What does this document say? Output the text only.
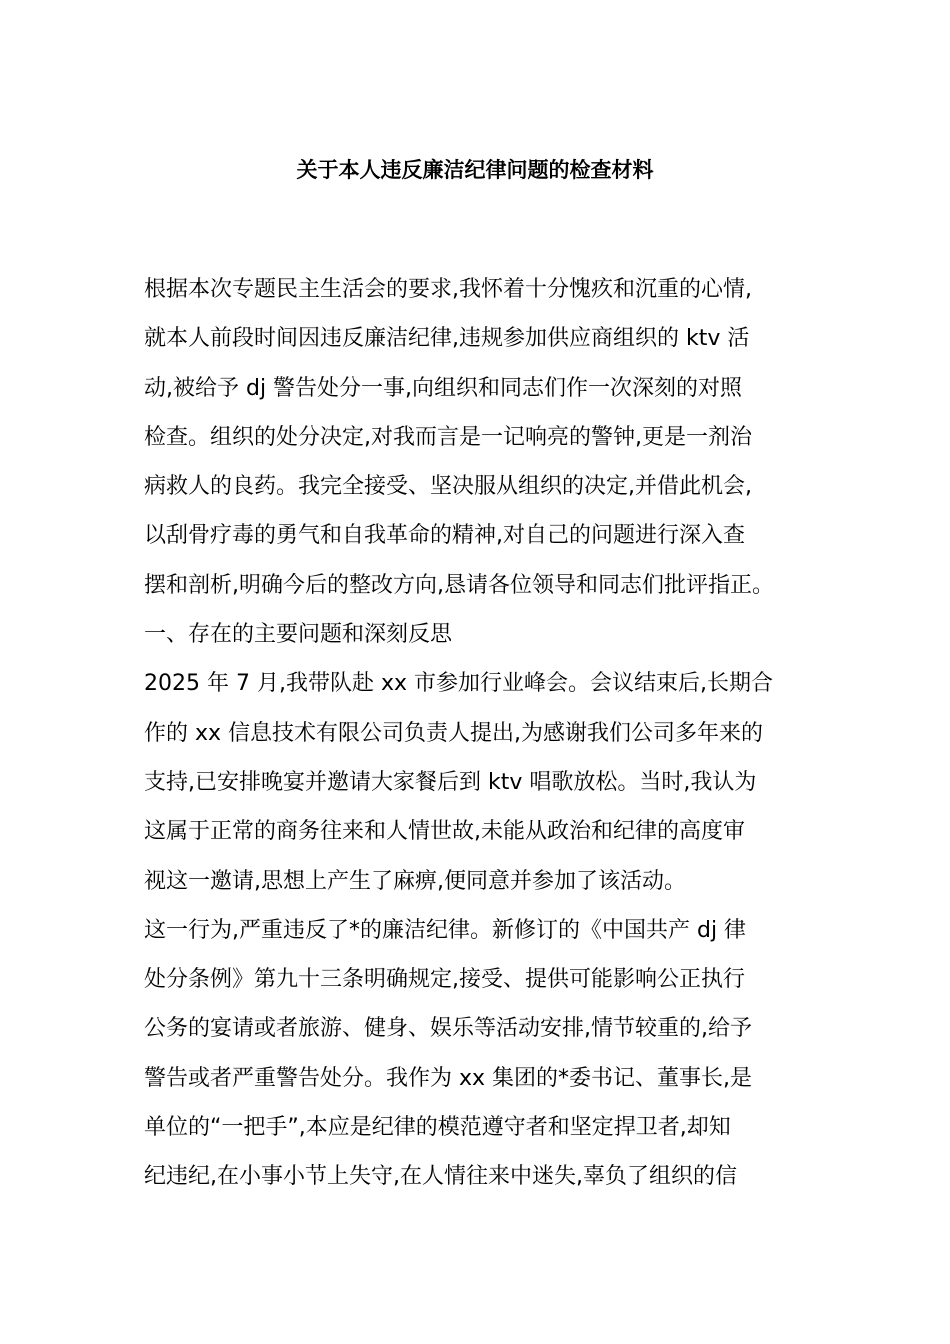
关于本人违反廉洁纪律问题的检查材料
根据本次专题民主生活会的要求,我怀着十分愧疚和沉重的心情,
就本人前段时间因违反廉洁纪律,违规参加供应商组织的 ktv 活
动,被给予 dj 警告处分一事,向组织和同志们作一次深刻的对照
检查。组织的处分决定,对我而言是一记响亮的警钟,更是一剂治
病救人的良药。我完全接受、坚决服从组织的决定,并借此机会,
以刮骨疗毒的勇气和自我革命的精神,对自己的问题进行深入查
摆和剖析,明确今后的整改方向,恳请各位领导和同志们批评指正。
一、存在的主要问题和深刻反思
2025 年 7 月,我带队赴 xx 市参加行业峰会。会议结束后,长期合
作的 xx 信息技术有限公司负责人提出,为感谢我们公司多年来的
支持,已安排晚宴并邀请大家餐后到 ktv 唱歌放松。当时,我认为
这属于正常的商务往来和人情世故,未能从政治和纪律的高度审
视这一邀请,思想上产生了麻痹,便同意并参加了该活动。
这一行为,严重违反了*的廉洁纪律。新修订的《中国共产 dj 律
处分条例》第九十三条明确规定,接受、提供可能影响公正执行
公务的宴请或者旅游、健身、娱乐等活动安排,情节较重的,给予
警告或者严重警告处分。我作为 xx 集团的*委书记、董事长,是
单位的“一把手”,本应是纪律的模范遵守者和坚定捍卫者,却知
纪违纪,在小事小节上失守,在人情往来中迷失,辜负了组织的信
